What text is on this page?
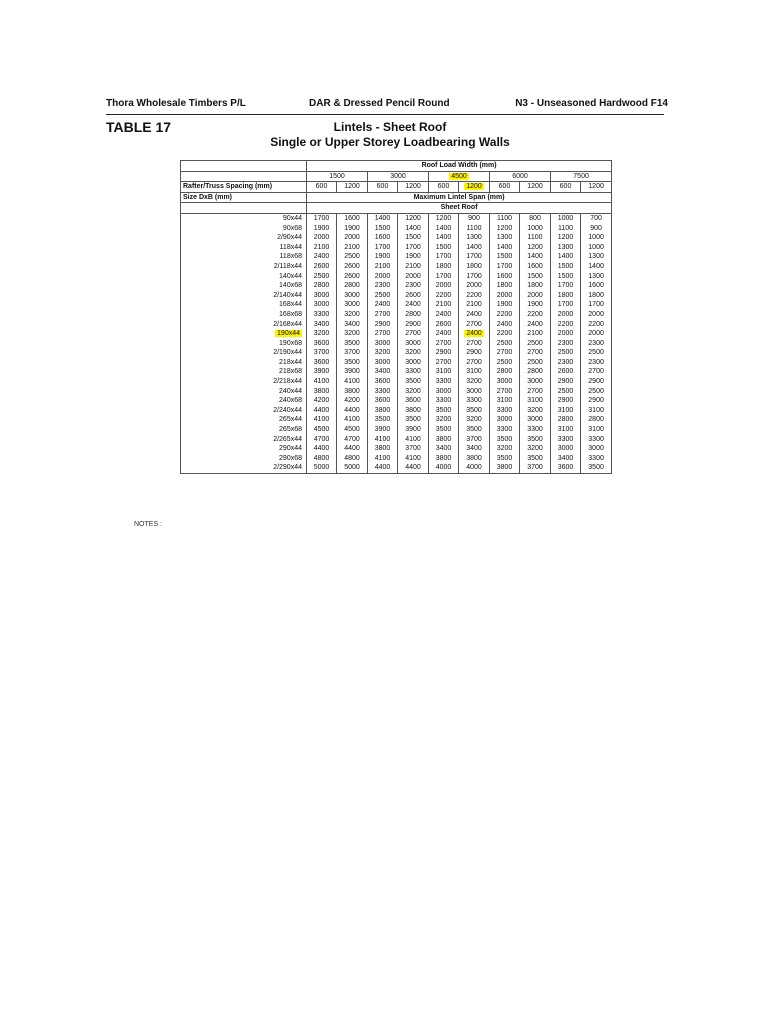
Thora Wholesale Timbers P/L	DAR & Dressed Pencil Round	N3 - Unseasoned Hardwood F14
TABLE 17	Lintels - Sheet Roof
Single or Upper Storey Loadbearing Walls
	Roof Load Width (mm)									
	1500		3000		4500		6000		7500	
Rafter/Truss Spacing (mm)	600	1200	600	1200	600	1200	600	1200	600	1200
Size DxB (mm)	Maximum Lintel Span (mm)									
	Sheet Roof									
90x44	1700	1600	1400	1200	1200	900	1100	800	1000	700
90x68	1900	1900	1500	1400	1400	1100	1200	1000	1100	900
2/90x44	2000	2000	1600	1500	1400	1300	1300	1100	1200	1000
118x44	2100	2100	1700	1700	1500	1400	1400	1200	1300	1000
118x68	2400	2500	1900	1900	1700	1700	1500	1400	1400	1300
2/118x44	2600	2600	2100	2100	1800	1800	1700	1600	1500	1400
140x44	2500	2600	2000	2000	1700	1700	1600	1500	1500	1300
140x68	2800	2800	2300	2300	2000	2000	1800	1800	1700	1600
2/140x44	3000	3000	2500	2600	2200	2200	2000	2000	1800	1800
168x44	3000	3000	2400	2400	2100	2100	1900	1900	1700	1700
168x68	3300	3200	2700	2800	2400	2400	2200	2200	2000	2000
2/168x44	3400	3400	2900	2900	2600	2700	2400	2400	2200	2200
190x44	3200	3200	2700	2700	2400	2400	2200	2100	2000	2000
190x68	3600	3500	3000	3000	2700	2700	2500	2500	2300	2300
2/190x44	3700	3700	3200	3200	2900	2900	2700	2700	2500	2500
218x44	3600	3500	3000	3000	2700	2700	2500	2500	2300	2300
218x68	3900	3900	3400	3300	3100	3100	2800	2800	2600	2700
2/218x44	4100	4100	3600	3500	3300	3200	3000	3000	2900	2900
240x44	3800	3800	3300	3200	3000	3000	2700	2700	2500	2500
240x68	4200	4200	3600	3600	3300	3300	3100	3100	2900	2900
2/240x44	4400	4400	3800	3800	3500	3500	3300	3200	3100	3100
265x44	4100	4100	3500	3500	3200	3200	3000	3000	2800	2800
265x68	4500	4500	3900	3900	3500	3500	3300	3300	3100	3100
2/265x44	4700	4700	4100	4100	3800	3700	3500	3500	3300	3300
290x44	4400	4400	3800	3700	3400	3400	3200	3200	3000	3000
290x68	4800	4800	4100	4100	3800	3800	3500	3500	3400	3300
2/290x44	5000	5000	4400	4400	4000	4000	3800	3700	3600	3500
NOTES :
